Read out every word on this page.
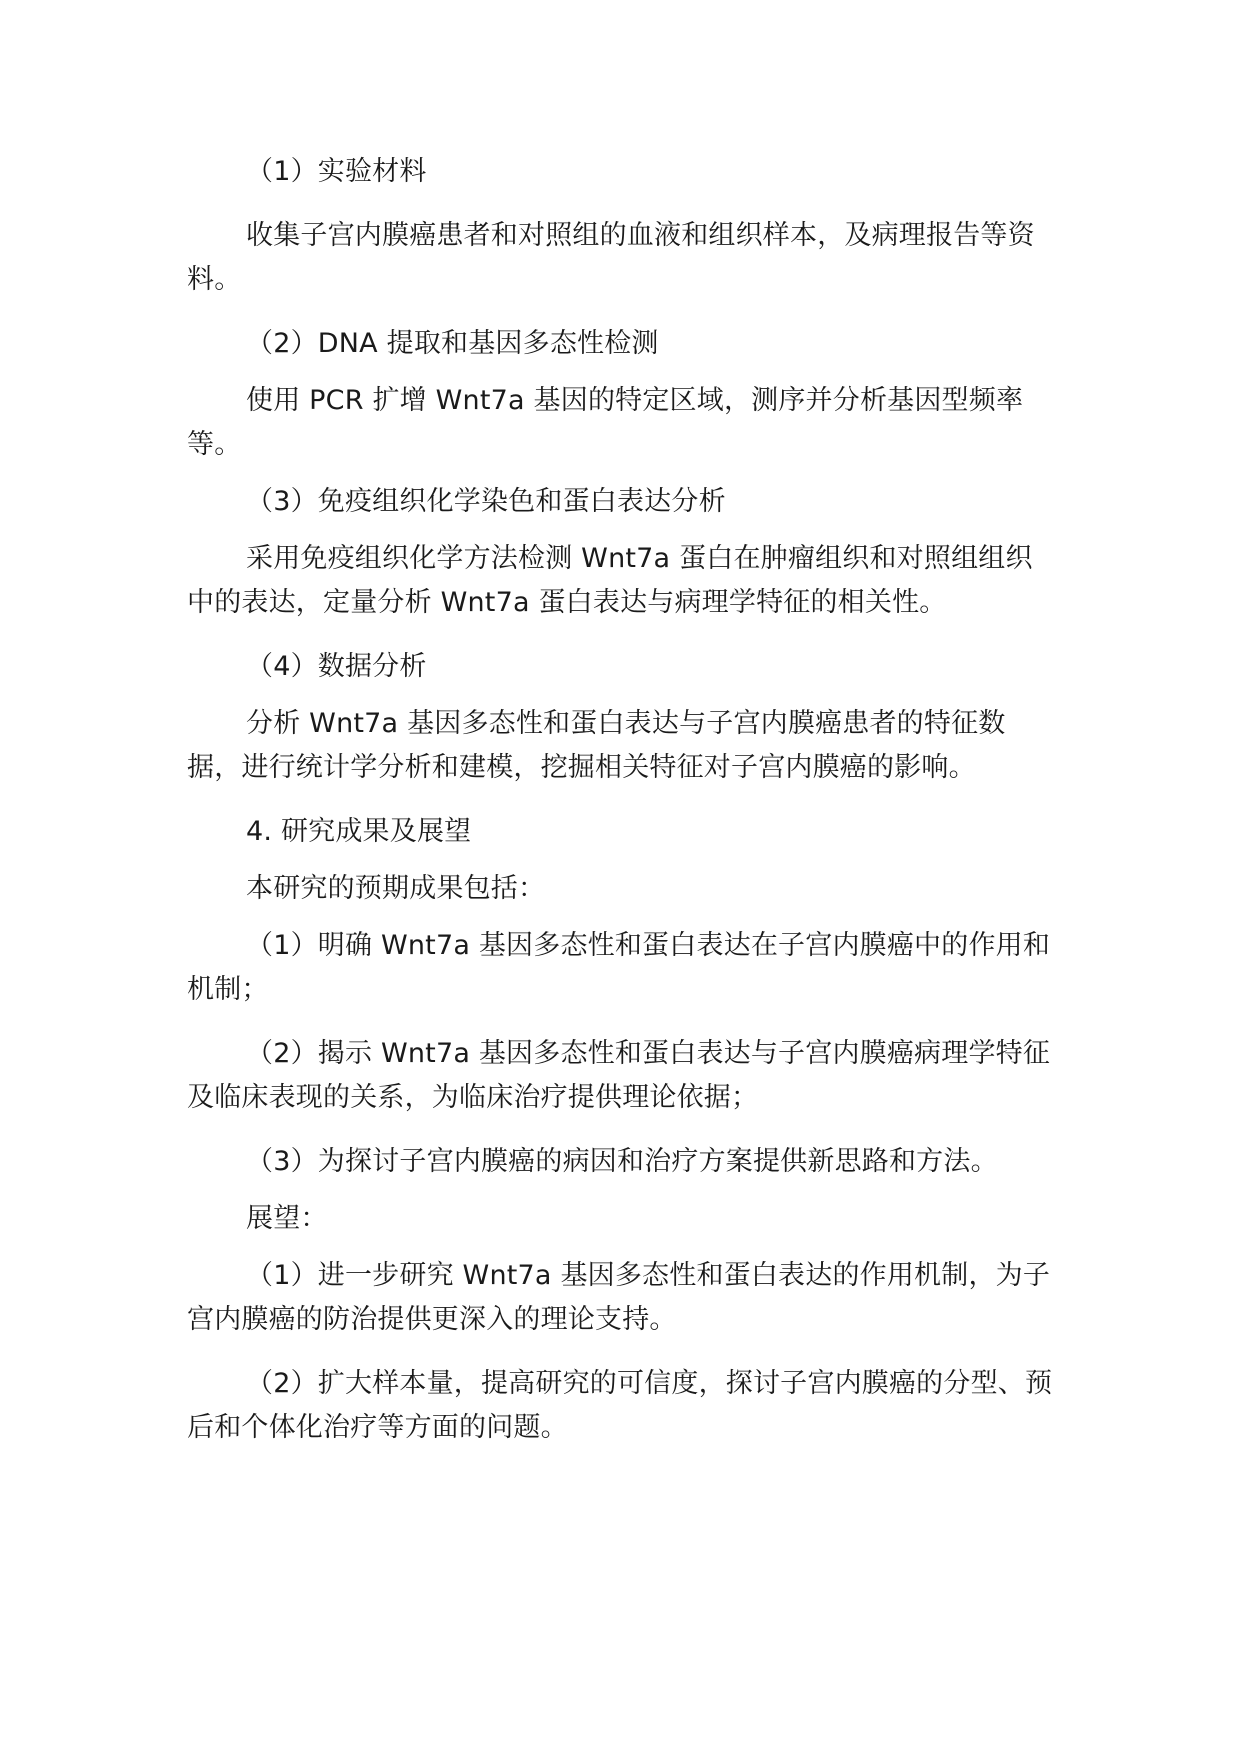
（1）实验材料

收集子宫内膜癌患者和对照组的血液和组织样本，及病理报告等资料。

（2）DNA 提取和基因多态性检测

使用 PCR 扩增 Wnt7a 基因的特定区域，测序并分析基因型频率等。

（3）免疫组织化学染色和蛋白表达分析

采用免疫组织化学方法检测 Wnt7a 蛋白在肿瘤组织和对照组组织中的表达，定量分析 Wnt7a 蛋白表达与病理学特征的相关性。

（4）数据分析

分析 Wnt7a 基因多态性和蛋白表达与子宫内膜癌患者的特征数据，进行统计学分析和建模，挖掘相关特征对子宫内膜癌的影响。

4. 研究成果及展望

本研究的预期成果包括：

（1）明确 Wnt7a 基因多态性和蛋白表达在子宫内膜癌中的作用和机制；

（2）揭示 Wnt7a 基因多态性和蛋白表达与子宫内膜癌病理学特征及临床表现的关系，为临床治疗提供理论依据；

（3）为探讨子宫内膜癌的病因和治疗方案提供新思路和方法。

展望：

（1）进一步研究 Wnt7a 基因多态性和蛋白表达的作用机制，为子宫内膜癌的防治提供更深入的理论支持。

（2）扩大样本量，提高研究的可信度，探讨子宫内膜癌的分型、预后和个体化治疗等方面的问题。
